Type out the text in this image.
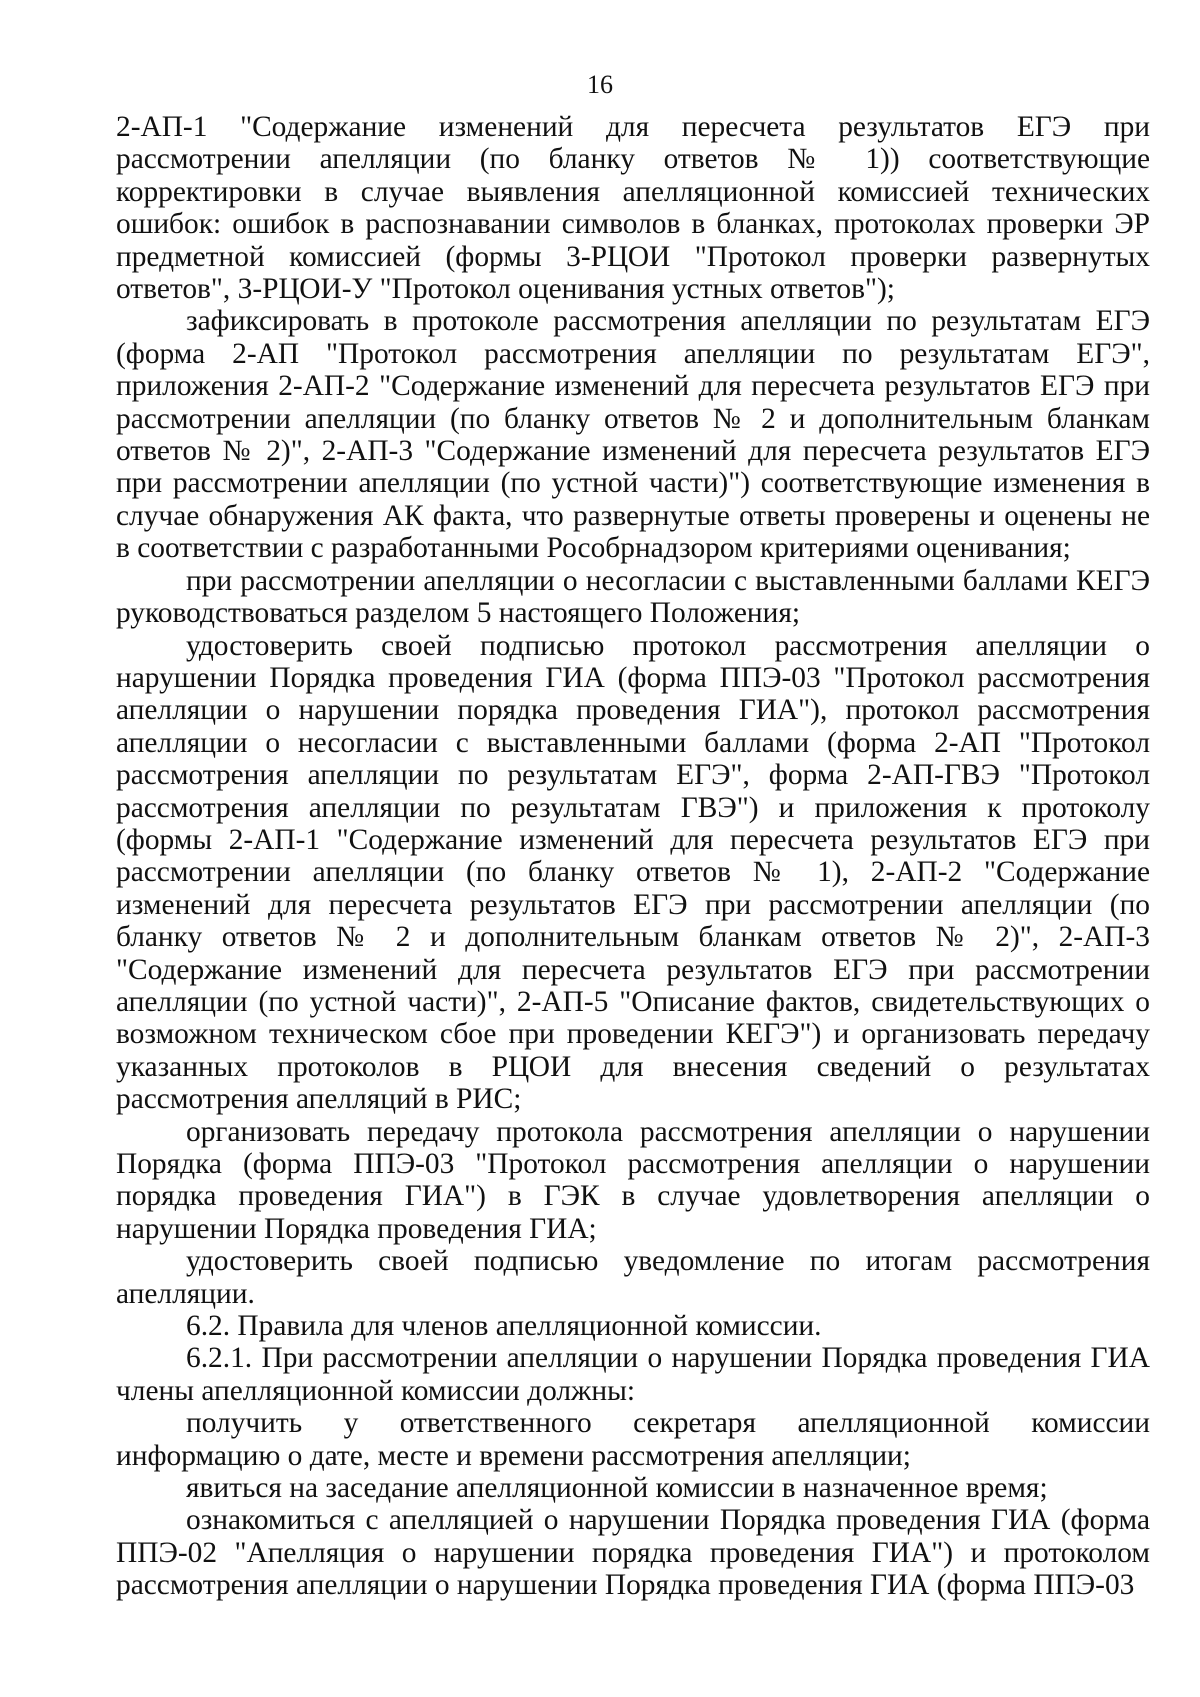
16

2-АП-1 "Содержание изменений для пересчета результатов ЕГЭ при рассмотрении апелляции (по бланку ответов № 1)) соответствующие корректировки в случае выявления апелляционной комиссией технических ошибок: ошибок в распознавании символов в бланках, протоколах проверки ЭР предметной комиссией (формы 3-РЦОИ "Протокол проверки развернутых ответов", 3-РЦОИ-У "Протокол оценивания устных ответов");

зафиксировать в протоколе рассмотрения апелляции по результатам ЕГЭ (форма 2-АП "Протокол рассмотрения апелляции по результатам ЕГЭ", приложения 2-АП-2 "Содержание изменений для пересчета результатов ЕГЭ при рассмотрении апелляции (по бланку ответов № 2 и дополнительным бланкам ответов № 2)", 2-АП-3 "Содержание изменений для пересчета результатов ЕГЭ при рассмотрении апелляции (по устной части)") соответствующие изменения в случае обнаружения АК факта, что развернутые ответы проверены и оценены не в соответствии с разработанными Рособрнадзором критериями оценивания;

при рассмотрении апелляции о несогласии с выставленными баллами КЕГЭ руководствоваться разделом 5 настоящего Положения;

удостоверить своей подписью протокол рассмотрения апелляции о нарушении Порядка проведения ГИА (форма ППЭ-03 "Протокол рассмотрения апелляции о нарушении порядка проведения ГИА"), протокол рассмотрения апелляции о несогласии с выставленными баллами (форма 2-АП "Протокол рассмотрения апелляции по результатам ЕГЭ", форма 2-АП-ГВЭ "Протокол рассмотрения апелляции по результатам ГВЭ") и приложения к протоколу (формы 2-АП-1 "Содержание изменений для пересчета результатов ЕГЭ при рассмотрении апелляции (по бланку ответов № 1), 2-АП-2 "Содержание изменений для пересчета результатов ЕГЭ при рассмотрении апелляции (по бланку ответов № 2 и дополнительным бланкам ответов № 2)", 2-АП-3 "Содержание изменений для пересчета результатов ЕГЭ при рассмотрении апелляции (по устной части)", 2-АП-5 "Описание фактов, свидетельствующих о возможном техническом сбое при проведении КЕГЭ") и организовать передачу указанных протоколов в РЦОИ для внесения сведений о результатах рассмотрения апелляций в РИС;

организовать передачу протокола рассмотрения апелляции о нарушении Порядка (форма ППЭ-03 "Протокол рассмотрения апелляции о нарушении порядка проведения ГИА") в ГЭК в случае удовлетворения апелляции о нарушении Порядка проведения ГИА;

удостоверить своей подписью уведомление по итогам рассмотрения апелляции.

6.2. Правила для членов апелляционной комиссии.

6.2.1. При рассмотрении апелляции о нарушении Порядка проведения ГИА члены апелляционной комиссии должны:

получить у ответственного секретаря апелляционной комиссии информацию о дате, месте и времени рассмотрения апелляции;

явиться на заседание апелляционной комиссии в назначенное время;

ознакомиться с апелляцией о нарушении Порядка проведения ГИА (форма ППЭ-02 "Апелляция о нарушении порядка проведения ГИА") и протоколом рассмотрения апелляции о нарушении Порядка проведения ГИА (форма ППЭ-03
